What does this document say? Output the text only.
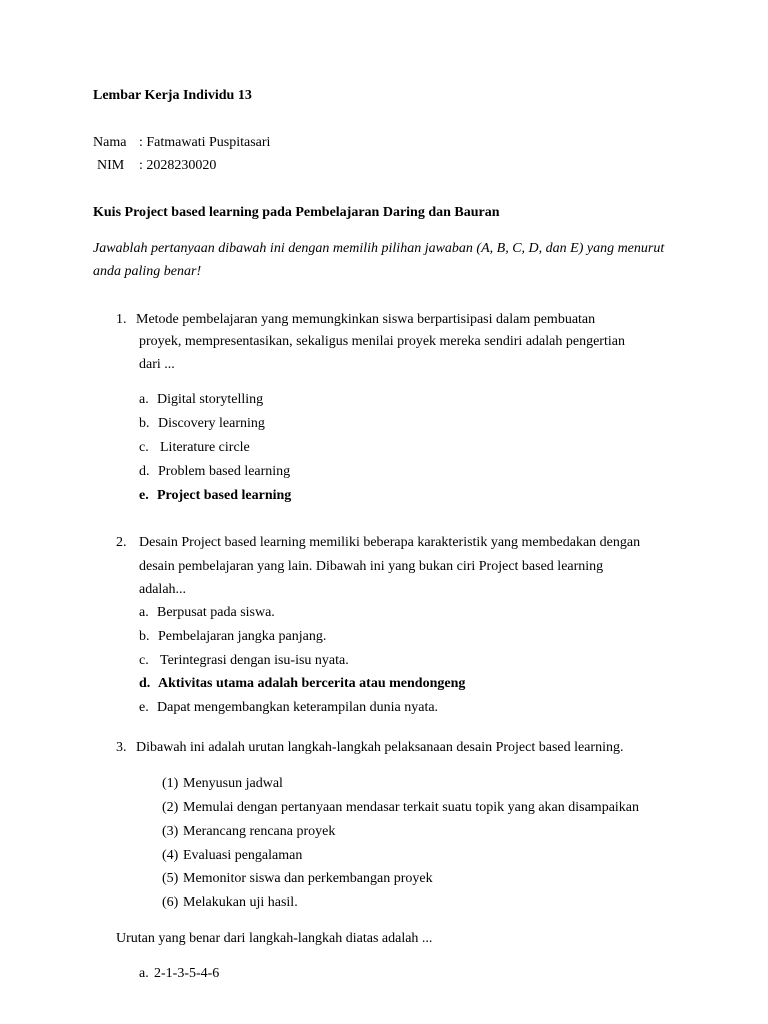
Lembar Kerja Individu 13
Nama : Fatmawati Puspitasari
NIM : 2028230020
Kuis Project based learning pada Pembelajaran Daring dan Bauran
Jawablah pertanyaan dibawah ini dengan memilih pilihan jawaban (A, B, C, D, dan E) yang menurut
anda paling benar!
1. Metode pembelajaran yang memungkinkan siswa berpartisipasi dalam pembuatan
proyek, mempresentasikan, sekaligus menilai proyek mereka sendiri adalah pengertian
dari ...
a. Digital storytelling
b. Discovery learning
c. Literature circle
d. Problem based learning
e. Project based learning
2. Desain Project based learning memiliki beberapa karakteristik yang membedakan dengan
desain pembelajaran yang lain. Dibawah ini yang bukan ciri Project based learning
adalah...
a. Berpusat pada siswa.
b. Pembelajaran jangka panjang.
c. Terintegrasi dengan isu-isu nyata.
d. Aktivitas utama adalah bercerita atau mendongeng
e. Dapat mengembangkan keterampilan dunia nyata.
3. Dibawah ini adalah urutan langkah-langkah pelaksanaan desain Project based learning.
(1) Menyusun jadwal
(2) Memulai dengan pertanyaan mendasar terkait suatu topik yang akan disampaikan
(3) Merancang rencana proyek
(4) Evaluasi pengalaman
(5) Memonitor siswa dan perkembangan proyek
(6) Melakukan uji hasil.
Urutan yang benar dari langkah-langkah diatas adalah ...
a. 2-1-3-5-4-6
